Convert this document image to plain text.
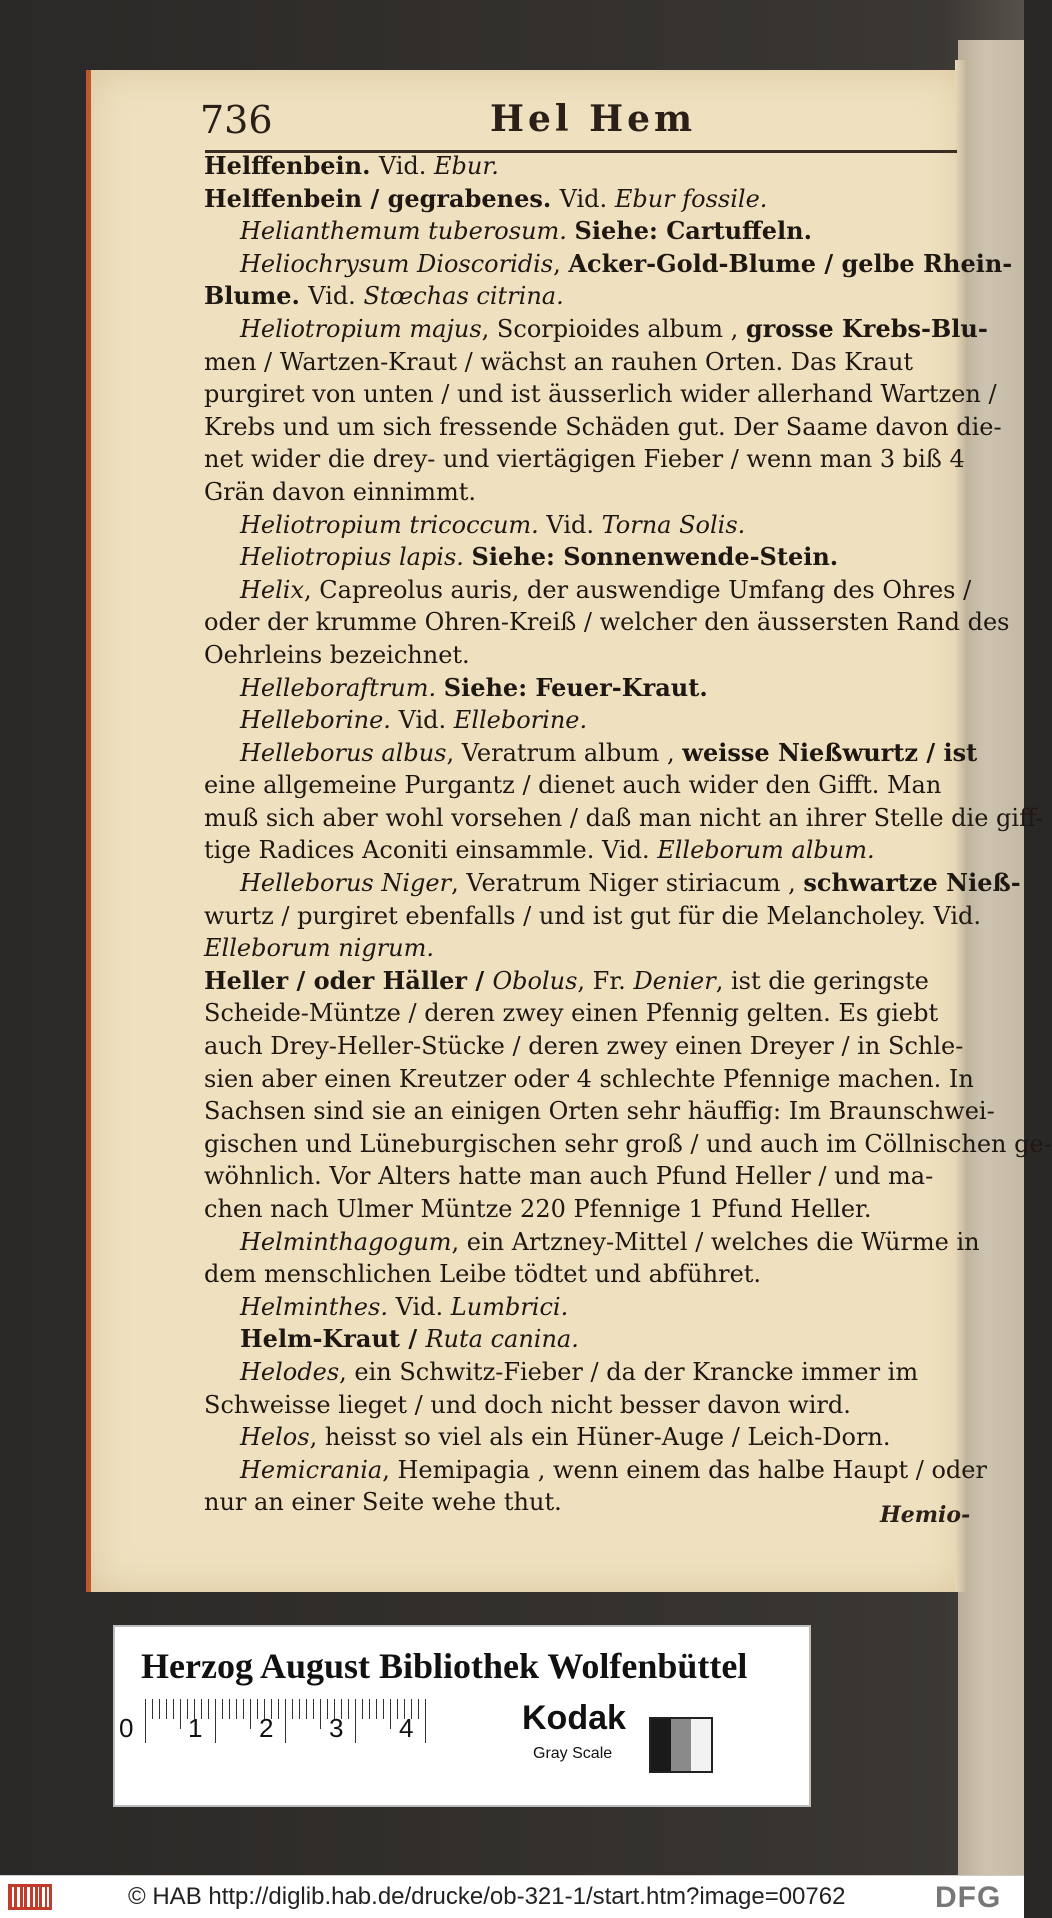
736	Hel Hem
Helffenbein. Vid. Ebur.
Helffenbein / gegrabenes. Vid. Ebur fossile.
Helianthemum tuberosum. Siehe: Cartuffeln.
Heliochrysum Dioscoridis, Acker-Gold-Blume / gelbe Rhein-
Blume. Vid. Stœchas citrina.
Heliotropium majus, Scorpioides album , grosse Krebs-Blu-
men / Wartzen-Kraut / wächst an rauhen Orten. Das Kraut
purgiret von unten / und ist äusserlich wider allerhand Wartzen /
Krebs und um sich fressende Schäden gut. Der Saame davon die-
net wider die drey- und viertägigen Fieber / wenn man 3 biß 4
Grän davon einnimmt.
Heliotropium tricoccum. Vid. Torna Solis.
Heliotropius lapis. Siehe: Sonnenwende-Stein.
Helix, Capreolus auris, der auswendige Umfang des Ohres /
oder der krumme Ohren-Kreiß / welcher den äussersten Rand des
Oehrleins bezeichnet.
Helleboraftrum. Siehe: Feuer-Kraut.
Helleborine. Vid. Elleborine.
Helleborus albus, Veratrum album , weisse Nießwurtz / ist
eine allgemeine Purgantz / dienet auch wider den Gifft. Man
muß sich aber wohl vorsehen / daß man nicht an ihrer Stelle die giff-
tige Radices Aconiti einsammle. Vid. Elleborum album.
Helleborus Niger, Veratrum Niger stiriacum , schwartze Nieß-
wurtz / purgiret ebenfalls / und ist gut für die Melancholey. Vid.
Elleborum nigrum.
Heller / oder Häller / Obolus, Fr. Denier, ist die geringste
Scheide-Müntze / deren zwey einen Pfennig gelten. Es giebt
auch Drey-Heller-Stücke / deren zwey einen Dreyer / in Schle-
sien aber einen Kreutzer oder 4 schlechte Pfennige machen. In
Sachsen sind sie an einigen Orten sehr häuffig: Im Braunschwei-
gischen und Lüneburgischen sehr groß / und auch im Cöllnischen ge-
wöhnlich. Vor Alters hatte man auch Pfund Heller / und ma-
chen nach Ulmer Müntze 220 Pfennige 1 Pfund Heller.
Helminthagogum, ein Artzney-Mittel / welches die Würme in
dem menschlichen Leibe tödtet und abführet.
Helminthes. Vid. Lumbrici.
Helm-Kraut / Ruta canina.
Helodes, ein Schwitz-Fieber / da der Krancke immer im
Schweisse lieget / und doch nicht besser davon wird.
Helos, heisst so viel als ein Hüner-Auge / Leich-Dorn.
Hemicrania, Hemipagia , wenn einem das halbe Haupt / oder
nur an einer Seite wehe thut.	Hemio-
Herzog August Bibliothek Wolfenbüttel
0 1 2 3 4	Kodak
Gray Scale
© HAB http://diglib.hab.de/drucke/ob-321-1/start.htm?image=00762	DFG
